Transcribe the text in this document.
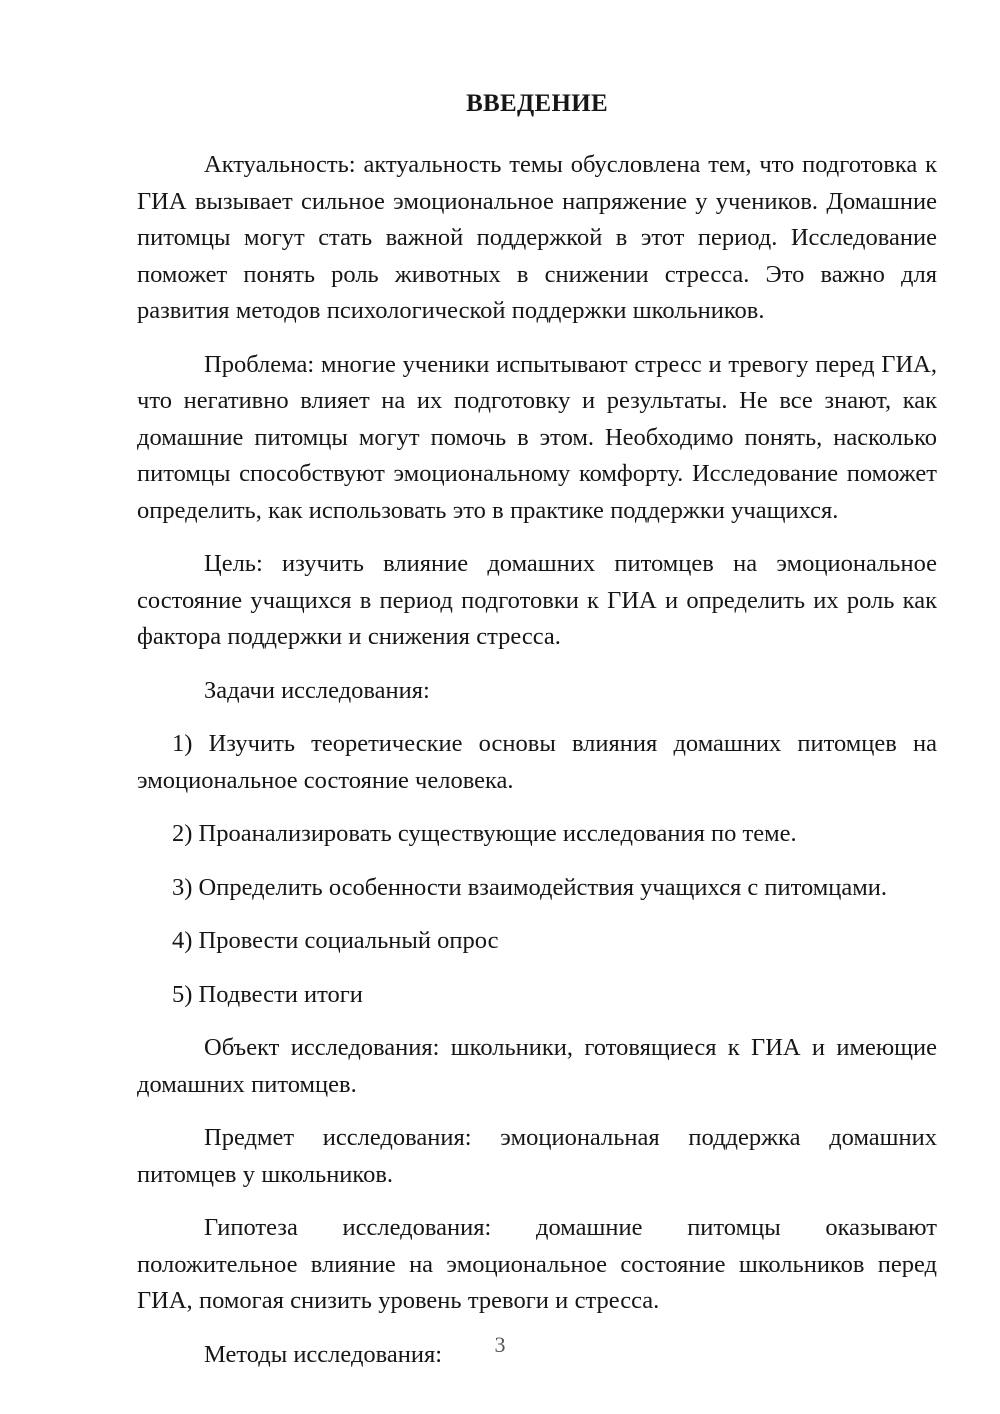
ВВЕДЕНИЕ

Актуальность: актуальность темы обусловлена тем, что подготовка к ГИА вызывает сильное эмоциональное напряжение у учеников. Домашние питомцы могут стать важной поддержкой в этот период. Исследование поможет понять роль животных в снижении стресса. Это важно для развития методов психологической поддержки школьников.

Проблема: многие ученики испытывают стресс и тревогу перед ГИА, что негативно влияет на их подготовку и результаты. Не все знают, как домашние питомцы могут помочь в этом. Необходимо понять, насколько питомцы способствуют эмоциональному комфорту. Исследование поможет определить, как использовать это в практике поддержки учащихся.

Цель: изучить влияние домашних питомцев на эмоциональное состояние учащихся в период подготовки к ГИА и определить их роль как фактора поддержки и снижения стресса.

Задачи исследования:

1) Изучить теоретические основы влияния домашних питомцев на эмоциональное состояние человека.

2) Проанализировать существующие исследования по теме.

3) Определить особенности взаимодействия учащихся с питомцами.

4) Провести социальный опрос

5) Подвести итоги

Объект исследования: школьники, готовящиеся к ГИА и имеющие домашних питомцев.

Предмет исследования: эмоциональная поддержка домашних питомцев у школьников.

Гипотеза исследования: домашние питомцы оказывают положительное влияние на эмоциональное состояние школьников перед ГИА, помогая снизить уровень тревоги и стресса.

Методы исследования:	3
